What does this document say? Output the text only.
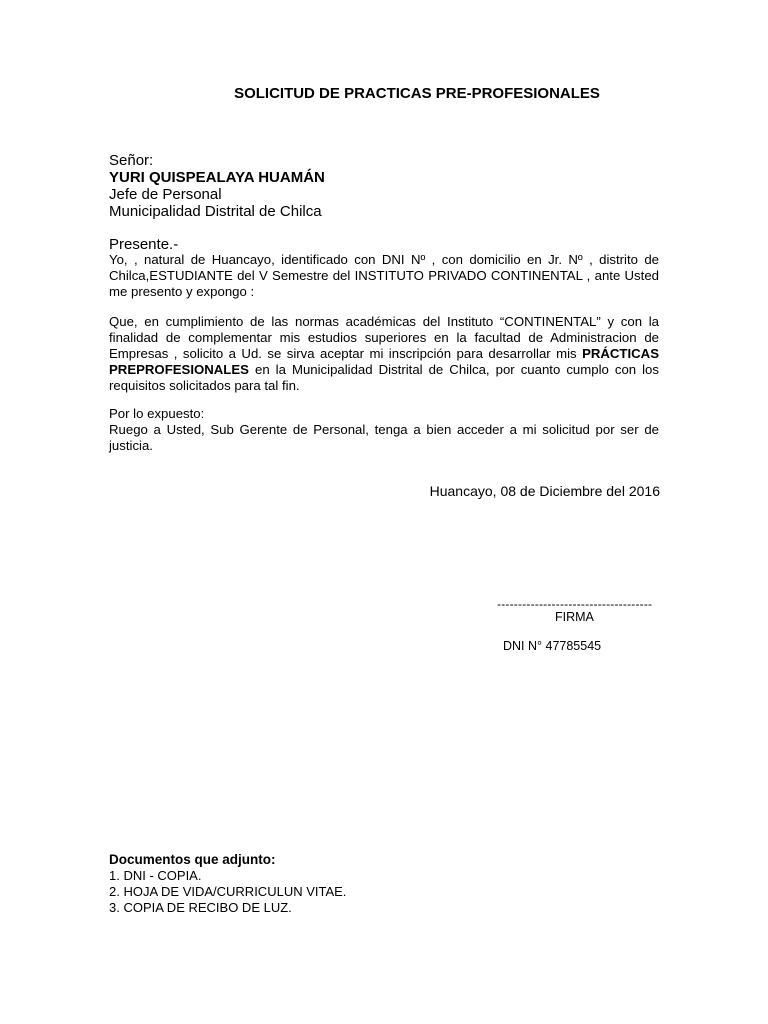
SOLICITUD DE PRACTICAS PRE-PROFESIONALES
Señor:
YURI QUISPEALAYA HUAMÁN
Jefe de Personal
Municipalidad Distrital de Chilca
Presente.-
Yo, , natural de Huancayo, identificado con DNI Nº , con domicilio en Jr. Nº , distrito de Chilca,ESTUDIANTE del V Semestre del INSTITUTO PRIVADO CONTINENTAL , ante Usted me presento y expongo :
Que, en cumplimiento de las normas académicas del Instituto “CONTINENTAL” y con la finalidad de complementar mis estudios superiores en la facultad de Administracion de Empresas , solicito a Ud. se sirva aceptar mi inscripción para desarrollar mis PRÁCTICAS PREPROFESIONALES en la Municipalidad Distrital de Chilca, por cuanto cumplo con los requisitos solicitados para tal fin.
Por lo expuesto:
Ruego a Usted, Sub Gerente de Personal, tenga a bien acceder a mi solicitud por ser de justicia.
Huancayo, 08 de Diciembre del 2016
-------------------------------------
FIRMA
DNI N° 47785545
Documentos que adjunto:
1. DNI - COPIA.
2. HOJA DE VIDA/CURRICULUN VITAE.
3. COPIA DE RECIBO DE LUZ.
